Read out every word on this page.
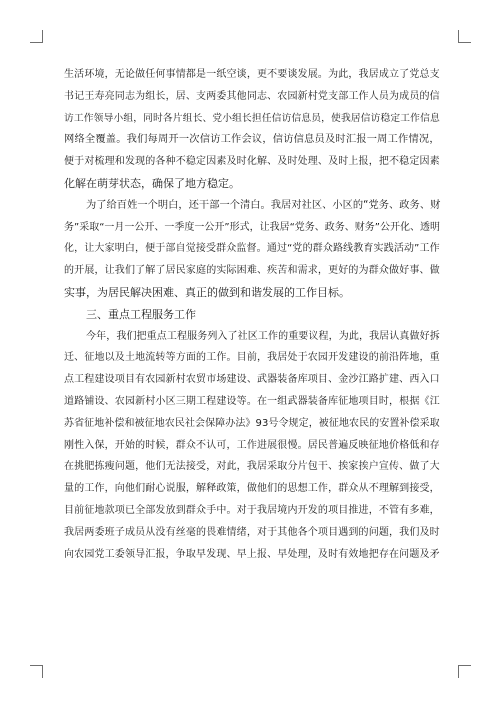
生 活 环 境 ， 无 论 做 任 何 事 情 都 是 一 纸 空 谈 ， 更 不 要 谈 发 展 。 为 此 ， 我 居 成 立 了 党 总 支
书 记 王 寿 亮 同 志 为 组 长 ， 居 、 支 两 委 其 他 同 志 、 农 园 新 村 党 支 部 工 作 人 员 为 成 员 的 信
访 工 作 领 导 小 组 ， 同 时 各 片 组 长 、 党 小 组 长 担 任 信 访 信 息 员 ， 使 我 居 信 访 稳 定 工 作 信 息
网 络 全 覆 盖 。 我 们 每 周 开 一 次 信 访 工 作 会 议 ， 信 访 信 息 员 及 时 汇 报 一 周 工 作 情 况 ，
便 于 对 梳 理 和 发 现 的 各 种 不 稳 定 因 素 及 时 化 解 、 及 时 处 理 、 及 时 上 报 ， 把 不 稳 定 因 素
化解在萌芽状态，确保了地方稳定。
为 了 给 百 姓 一 个 明 白 ， 还 干 部 一 个 清 白 。 我 居 对 社 区 、 小 区 的 “ 党 务 、 政 务 、 财
务 ” 采 取 “ 一 月 一 公 开 、 一 季 度 一 公 开 ” 形 式 ， 让 我 居 “ 党 务 、 政 务 、 财 务 ” 公 开 化 、 透 明
化 ， 让 大 家 明 白 ， 便 于 部 自 觉 接 受 群 众 监 督 。 通 过 “ 党 的 群 众 路 线 教 育 实 践 活 动 ” 工 作
的 开 展 ， 让 我 们 了 解 了 居 民 家 庭 的 实 际 困 难 、 疾 苦 和 需 求 ， 更 好 的 为 群 众 做 好 事 、 做
实事，为居民解决困难、真正的做到和谐发展的工作目标。
三、重点工程服务工作
今 年 ， 我 们 把 重 点 工 程 服 务 列 入 了 社 区 工 作 的 重 要 议 程 ， 为 此 ， 我 居 认 真 做 好 拆
迁 、 征 地 以 及 土 地 流 转 等 方 面 的 工 作 。 目 前 ， 我 居 处 于 农 园 开 发 建 设 的 前 沿 阵 地 ， 重
点 工 程 建 设 项 目 有 农 园 新 村 农 贸 市 场 建 设 、 武 器 装 备 库 项 目 、 金 沙 江 路 扩 建 、 西 入 口
道 路 铺 设 、 农 园 新 村 小 区 三 期 工 程 建 设 等 。 在 一 组 武 器 装 备 库 征 地 项 目 时 ， 根 据 《 江
苏 省 征 地 补 偿 和 被 征 地 农 民 社 会 保 障 办 法 》 9 3 号 令 规 定 ， 被 征 地 农 民 的 安 置 补 偿 采 取
刚 性 入 保 ， 开 始 的 时 候 ， 群 众 不 认 可 ， 工 作 进 展 很 慢 。 居 民 普 遍 反 映 征 地 价 格 低 和 存
在 挑 肥 拣 瘦 问 题 ， 他 们 无 法 接 受 ， 对 此 ， 我 居 采 取 分 片 包 干 、 挨 家 挨 户 宣 传 、 做 了 大
量 的 工 作 ， 向 他 们 耐 心 说 服 ， 解 释 政 策 ， 做 他 们 的 思 想 工 作 ， 群 众 从 不 理 解 到 接 受 ，
目 前 征 地 款 项 已 全 部 发 放 到 群 众 手 中 。 对 于 我 居 境 内 开 发 的 项 目 推 进 ， 不 管 有 多 难 ，
我 居 两 委 班 子 成 员 从 没 有 丝 毫 的 畏 难 情 绪 ， 对 于 其 他 各 个 项 目 遇 到 的 问 题 ， 我 们 及 时
向 农 园 党 工 委 领 导 汇 报 ， 争 取 早 发 现 、 早 上 报 、 早 处 理 ， 及 时 有 效 地 把 存 在 问 题 及 矛
